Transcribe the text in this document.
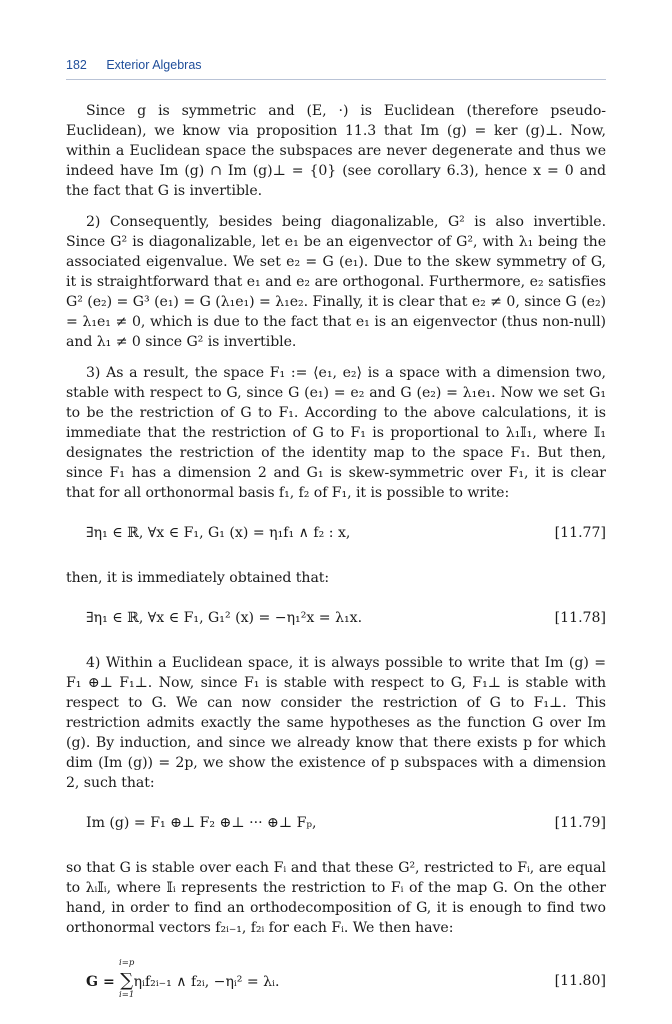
182 Exterior Algebras

Since g is symmetric and (E, ·) is Euclidean (therefore pseudo-Euclidean), we know via proposition 11.3 that Im (g) = ker (g)⊥. Now, within a Euclidean space the subspaces are never degenerate and thus we indeed have Im (g) ∩ Im (g)⊥ = {0} (see corollary 6.3), hence x = 0 and the fact that G is invertible.

2) Consequently, besides being diagonalizable, G² is also invertible. Since G² is diagonalizable, let e₁ be an eigenvector of G², with λ₁ being the associated eigenvalue. We set e₂ = G (e₁). Due to the skew symmetry of G, it is straightforward that e₁ and e₂ are orthogonal. Furthermore, e₂ satisfies G² (e₂) = G³ (e₁) = G (λ₁e₁) = λ₁e₂. Finally, it is clear that e₂ ≠ 0, since G (e₂) = λ₁e₁ ≠ 0, which is due to the fact that e₁ is an eigenvector (thus non-null) and λ₁ ≠ 0 since G² is invertible.

3) As a result, the space F₁ := ⟨e₁, e₂⟩ is a space with a dimension two, stable with respect to G, since G (e₁) = e₂ and G (e₂) = λ₁e₁. Now we set G₁ to be the restriction of G to F₁. According to the above calculations, it is immediate that the restriction of G to F₁ is proportional to λ₁𝕀₁, where 𝕀₁ designates the restriction of the identity map to the space F₁. But then, since F₁ has a dimension 2 and G₁ is skew-symmetric over F₁, it is clear that for all orthonormal basis f₁, f₂ of F₁, it is possible to write:

∃η₁ ∈ ℝ, ∀x ∈ F₁, G₁ (x) = η₁f₁ ∧ f₂ : x,	[11.77]

then, it is immediately obtained that:

∃η₁ ∈ ℝ, ∀x ∈ F₁, G₁² (x) = −η₁²x = λ₁x.	[11.78]

4) Within a Euclidean space, it is always possible to write that Im (g) = F₁ ⊕⊥ F₁⊥. Now, since F₁ is stable with respect to G, F₁⊥ is stable with respect to G. We can now consider the restriction of G to F₁⊥. This restriction admits exactly the same hypotheses as the function G over Im (g). By induction, and since we already know that there exists p for which dim (Im (g)) = 2p, we show the existence of p subspaces with a dimension 2, such that:

Im (g) = F₁ ⊕⊥ F₂ ⊕⊥ ··· ⊕⊥ Fₚ,	[11.79]

so that G is stable over each Fᵢ and that these G², restricted to Fᵢ, are equal to λᵢ𝕀ᵢ, where 𝕀ᵢ represents the restriction to Fᵢ of the map G. On the other hand, in order to find an orthodecomposition of G, it is enough to find two orthonormal vectors f₂ᵢ₋₁, f₂ᵢ for each Fᵢ. We then have:

G =
i=p
∑
i=1
ηᵢf₂ᵢ₋₁ ∧ f₂ᵢ, −ηᵢ² = λᵢ.	[11.80]
